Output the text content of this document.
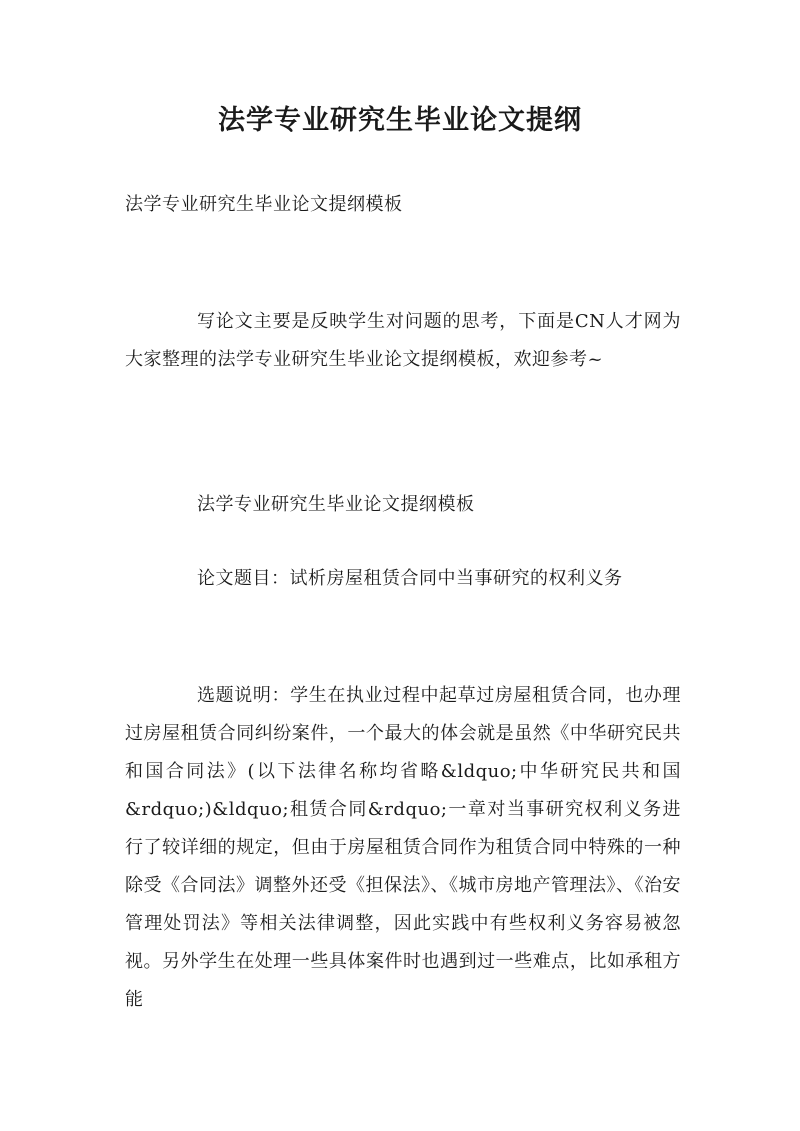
法学专业研究生毕业论文提纲
法学专业研究生毕业论文提纲模板

写论文主要是反映学生对问题的思考，下面是CN人才网为大家整理的法学专业研究生毕业论文提纲模板，欢迎参考~

法学专业研究生毕业论文提纲模板
论文题目：试析房屋租赁合同中当事研究的权利义务

选题说明：学生在执业过程中起草过房屋租赁合同，也办理过房屋租赁合同纠纷案件，一个最大的体会就是虽然《中华研究民共和国合同法》(以下法律名称均省略&ldquo;中华研究民共和国&rdquo;)&ldquo;租赁合同&rdquo;一章对当事研究权利义务进行了较详细的规定，但由于房屋租赁合同作为租赁合同中特殊的一种除受《合同法》调整外还受《担保法》、《城市房地产管理法》、《治安管理处罚法》等相关法律调整，因此实践中有些权利义务容易被忽视。另外学生在处理一些具体案件时也遇到过一些难点，比如承租方能
